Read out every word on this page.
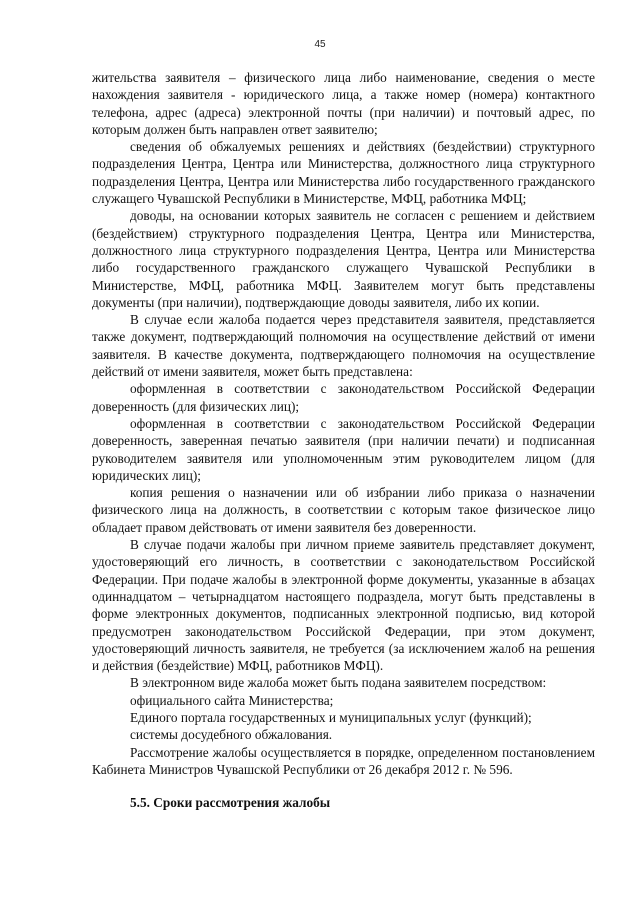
45

жительства заявителя – физического лица либо наименование, сведения о месте нахождения заявителя - юридического лица, а также номер (номера) контактного телефона, адрес (адреса) электронной почты (при наличии) и почтовый адрес, по которым должен быть направлен ответ заявителю;

сведения об обжалуемых решениях и действиях (бездействии) структурного подразделения Центра, Центра или Министерства, должностного лица структурного подразделения Центра, Центра или Министерства либо государственного гражданского служащего Чувашской Республики в Министерстве, МФЦ, работника МФЦ;

доводы, на основании которых заявитель не согласен с решением и действием (бездействием) структурного подразделения Центра, Центра или Министерства, должностного лица структурного подразделения Центра, Центра или Министерства либо государственного гражданского служащего Чувашской Республики в Министерстве, МФЦ, работника МФЦ. Заявителем могут быть представлены документы (при наличии), подтверждающие доводы заявителя, либо их копии.

В случае если жалоба подается через представителя заявителя, представляется также документ, подтверждающий полномочия на осуществление действий от имени заявителя. В качестве документа, подтверждающего полномочия на осуществление действий от имени заявителя, может быть представлена:

оформленная в соответствии с законодательством Российской Федерации доверенность (для физических лиц);

оформленная в соответствии с законодательством Российской Федерации доверенность, заверенная печатью заявителя (при наличии печати) и подписанная руководителем заявителя или уполномоченным этим руководителем лицом (для юридических лиц);

копия решения о назначении или об избрании либо приказа о назначении физического лица на должность, в соответствии с которым такое физическое лицо обладает правом действовать от имени заявителя без доверенности.

В случае подачи жалобы при личном приеме заявитель представляет документ, удостоверяющий его личность, в соответствии с законодательством Российской Федерации. При подаче жалобы в электронной форме документы, указанные в абзацах одиннадцатом – четырнадцатом настоящего подраздела, могут быть представлены в форме электронных документов, подписанных электронной подписью, вид которой предусмотрен законодательством Российской Федерации, при этом документ, удостоверяющий личность заявителя, не требуется (за исключением жалоб на решения и действия (бездействие) МФЦ, работников МФЦ).

В электронном виде жалоба может быть подана заявителем посредством:

официального сайта Министерства;

Единого портала государственных и муниципальных услуг (функций);

системы досудебного обжалования.

Рассмотрение жалобы осуществляется в порядке, определенном постановлением Кабинета Министров Чувашской Республики от 26 декабря 2012 г. № 596.

5.5. Сроки рассмотрения жалобы
